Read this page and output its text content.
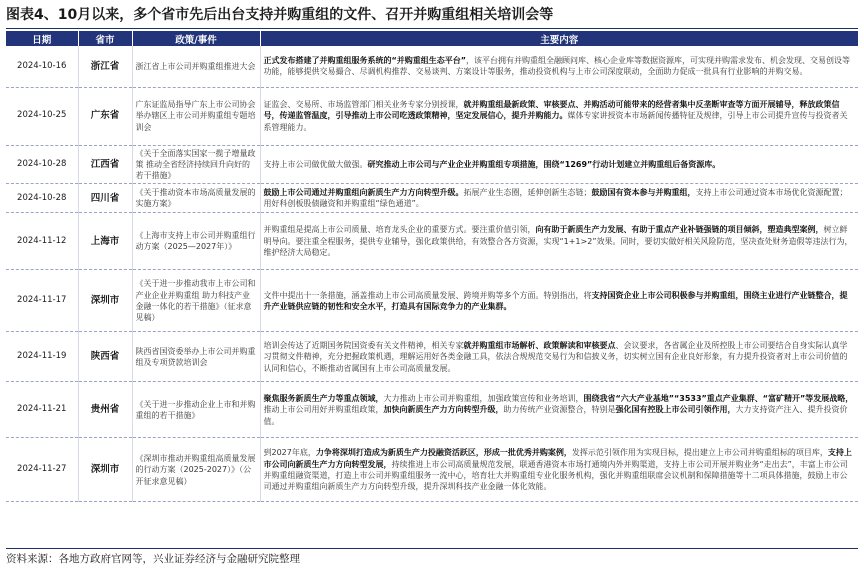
图表4、10月以来，多个省市先后出台支持并购重组的文件、召开并购重组相关培训会等
日期	省市	政策/事件	主要内容
2024-10-16	浙江省	浙江省上市公司并购重组推进大会	正式发布搭建了并购重组服务系统的“并购重组生态平台”，该平台拥有并购重组全融顾问库、核心企业库等数据资源库，可实现并购需求发布、机会发现、交易创设等功能，能够提供交易撮合、尽调机构推荐、交易谈判、方案设计等服务，推动投资机构与上市公司深度联动，全面助力促成一批具有行业影响的并购交易。
2024-10-25	广东省	广东证监局指导广东上市公司协会举办辖区上市公司并购重组专题培训会	证监会、交易所、市场监管部门相关业务专家分别授课，就并购重组最新政策、审核要点、并购活动可能带来的经营者集中反垄断审查等方面开展辅导，释放政策信号，传递监管温度，引导推动上市公司吃透政策精神，坚定发展信心，提升并购能力。媒体专家讲授资本市场新闻传播特征及规律，引导上市公司提升宣传与投资者关系管理能力。
2024-10-28	江西省	《关于全面落实国家一揽子增量政策 推动全省经济持续回升向好的若干措施》	支持上市公司做优做大做强。研究推动上市公司与产业企业并购重组专项措施，围绕“1269”行动计划建立并购重组后备资源库。
2024-10-28	四川省	《关于推动资本市场高质量发展的实施方案》	鼓励上市公司通过并购重组向新质生产力方向转型升级。拓展产业生态圈，延伸创新生态链；鼓励国有资本参与并购重组，支持上市公司通过资本市场优化资源配置；用好科创板股债融资和并购重组“绿色通道”。
2024-11-12	上海市	《上海市支持上市公司并购重组行动方案（2025—2027年）》	并购重组是提高上市公司质量、培育龙头企业的重要方式。要注重价值引领，向有助于新质生产力发展、有助于重点产业补链强链的项目倾斜，塑造典型案例，树立鲜明导向。要注重全程服务，提供专业辅导，强化政策供给，有效整合各方资源，实现“1+1>2”效果。同时，要切实做好相关风险防范，坚决查处财务造假等违法行为，维护经济大局稳定。
2024-11-17	深圳市	《关于进一步推动我市上市公司和产业企业并购重组 助力科技产业金融一体化的若干措施》（征求意见稿）	文件中提出十一条措施，涵盖推动上市公司高质量发展、跨境并购等多个方面。特别指出，将支持国资企业上市公司积极参与并购重组，围绕主业进行产业链整合，提升产业链供应链的韧性和安全水平，打造具有国际竞争力的产业集群。
2024-11-19	陕西省	陕西省国资委举办上市公司并购重组及专项贷款培训会	培训会传达了近期国务院国资委有关文件精神，相关专家就并购重组市场解析、政策解读和审核要点、会议要求，各省属企业及所控股上市公司要结合自身实际认真学习贯彻文件精神，充分把握政策机遇，理解运用好各类金融工具，依法合规规范交易行为和信披义务，切实树立国有企业良好形象，有力提升投资者对上市公司价值的认同和信心，不断推动省属国有上市公司高质量发展。
2024-11-21	贵州省	《关于进一步推动企业上市和并购重组的若干措施》	聚焦服务新质生产力等重点领域，大力推动上市公司并购重组，加强政策宣传和业务培训，围绕我省“六大产业基地”“3533”重点产业集群、“富矿精开”等发展战略，推动上市公司用好并购重组政策，加快向新质生产力方向转型升级，助力传统产业资源整合，特别是强化国有控股上市公司引领作用，大力支持资产注入、提升投资价值。
2024-11-27	深圳市	《深圳市推动并购重组高质量发展的行动方案（2025-2027）》（公开征求意见稿）	到2027年底，力争将深圳打造成为新质生产力投融资活跃区，形成一批优秀并购案例，发挥示范引领作用为实现目标，提出建立上市公司并购重组标的项目库，支持上市公司向新质生产力方向转型发展，持续推进上市公司高质量规范发展，联通香港资本市场打通境内外并购渠道，支持上市公司开展并购业务“走出去”，丰富上市公司并购重组融资渠道，打造上市公司并购重组服务一流中心，培育壮大并购重组专业化服务机构，强化并购重组联席会议机制和保障措施等十二项具体措施，鼓励上市公司通过并购重组向新质生产力方向转型升级，提升深圳科技产业金融一体化效能。
资料来源：各地方政府官网等，兴业证券经济与金融研究院整理
